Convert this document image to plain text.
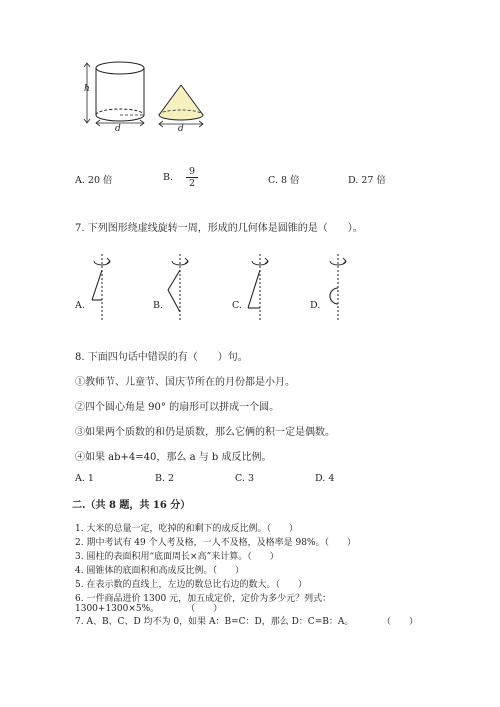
h
d	d
A. 20 倍	B.
9
2	C. 8 倍	D. 27 倍
7. 下列图形绕虚线旋转一周，形成的几何体是圆锥的是（　　）。
A.	B.	C.	D.
8. 下面四句话中错误的有（　　）句。
①教师节、儿童节、国庆节所在的月份都是小月。
②四个圆心角是 90° 的扇形可以拼成一个圆。
③如果两个质数的和仍是质数，那么它俩的积一定是偶数。
④如果 ab+4=40，那么 a 与 b 成反比例。
A. 1	B. 2	C. 3	D. 4
二.（共 8 题，共 16 分）
1. 大米的总量一定，吃掉的和剩下的成反比例。（　　）
2. 期中考试有 49 个人考及格，一人不及格，及格率是 98%。（　　）
3. 圆柱的表面积用“底面周长×高”来计算。（　　）
4. 圆锥体的底面积和高成反比例。（　　）
5. 在表示数的直线上，左边的数总比右边的数大。（　　）
6. 一件商品进价 1300 元，加五成定价，定价为多少元？列式：
1300+1300×5%。　　　　（　　）
7. A、B、C、D 均不为 0，如果 A：B=C：D，那么 D：C=B：A。	（　　）
